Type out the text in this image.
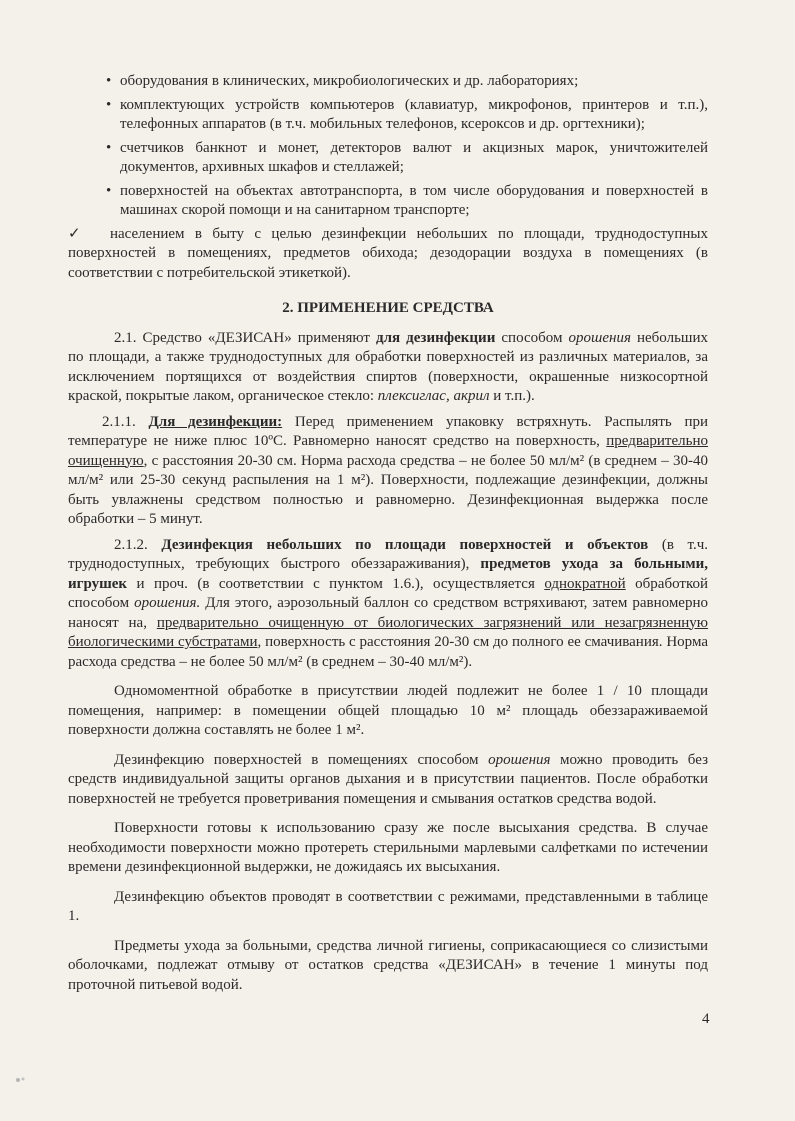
• оборудования в клинических, микробиологических и др. лабораториях;
• комплектующих устройств компьютеров (клавиатур, микрофонов, принтеров и т.п.), телефонных аппаратов (в т.ч. мобильных телефонов, ксероксов и др. оргтехники);
• счетчиков банкнот и монет, детекторов валют и акцизных марок, уничтожителей документов, архивных шкафов и стеллажей;
• поверхностей на объектах автотранспорта, в том числе оборудования и поверхностей в машинах скорой помощи и на санитарном транспорте;
✓	населением в быту с целью дезинфекции небольших по площади, труднодоступных поверхностей в помещениях, предметов обихода; дезодорации воздуха в помещениях (в соответствии с потребительской этикеткой).
2. ПРИМЕНЕНИЕ СРЕДСТВА

2.1. Средство «ДЕЗИСАН» применяют для дезинфекции способом орошения небольших по площади, а также труднодоступных для обработки поверхностей из различных материалов, за исключением портящихся от воздействия спиртов (поверхности, окрашенные низкосортной краской, покрытые лаком, органическое стекло: плексиглас, акрил и т.п.).

2.1.1. Для дезинфекции: Перед применением упаковку встряхнуть. Распылять при температуре не ниже плюс 10ºС. Равномерно наносят средство на поверхность, предварительно очищенную, с расстояния 20-30 см. Норма расхода средства – не более 50 мл/м² (в среднем – 30-40 мл/м² или 25-30 секунд распыления на 1 м²). Поверхности, подлежащие дезинфекции, должны быть увлажнены средством полностью и равномерно. Дезинфекционная выдержка после обработки – 5 минут.

2.1.2. Дезинфекция небольших по площади поверхностей и объектов (в т.ч. труднодоступных, требующих быстрого обеззараживания), предметов ухода за больными, игрушек и проч. (в соответствии с пунктом 1.6.), осуществляется однократной обработкой способом орошения. Для этого, аэрозольный баллон со средством встряхивают, затем равномерно наносят на, предварительно очищенную от биологических загрязнений или незагрязненную биологическими субстратами, поверхность с расстояния 20-30 см до полного ее смачивания. Норма расхода средства – не более 50 мл/м² (в среднем – 30-40 мл/м²).

Одномоментной обработке в присутствии людей подлежит не более 1 / 10 площади помещения, например: в помещении общей площадью 10 м² площадь обеззараживаемой поверхности должна составлять не более 1 м².

Дезинфекцию поверхностей в помещениях способом орошения можно проводить без средств индивидуальной защиты органов дыхания и в присутствии пациентов. После обработки поверхностей не требуется проветривания помещения и смывания остатков средства водой.

Поверхности готовы к использованию сразу же после высыхания средства. В случае необходимости поверхности можно протереть стерильными марлевыми салфетками по истечении времени дезинфекционной выдержки, не дожидаясь их высыхания.

Дезинфекцию объектов проводят в соответствии с режимами, представленными в таблице 1.

Предметы ухода за больными, средства личной гигиены, соприкасающиеся со слизистыми оболочками, подлежат отмыву от остатков средства «ДЕЗИСАН» в течение 1 минуты под проточной питьевой водой.

4
